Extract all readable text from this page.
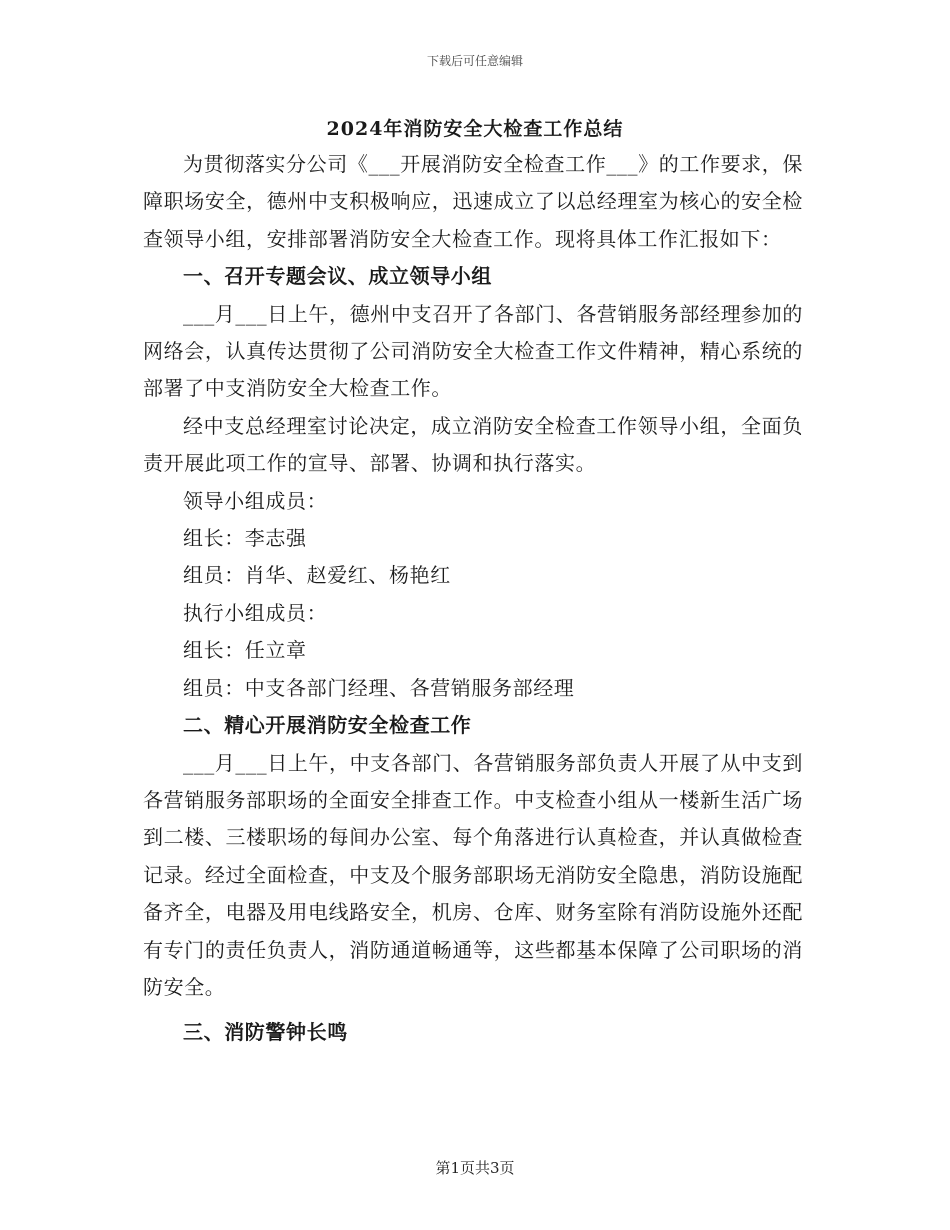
下载后可任意编辑
2024年消防安全大检查工作总结

为贯彻落实分公司《___开展消防安全检查工作___》的工作要求，保障职场安全，德州中支积极响应，迅速成立了以总经理室为核心的安全检查领导小组，安排部署消防安全大检查工作。现将具体工作汇报如下：

一、召开专题会议、成立领导小组

___月___日上午，德州中支召开了各部门、各营销服务部经理参加的网络会，认真传达贯彻了公司消防安全大检查工作文件精神，精心系统的部署了中支消防安全大检查工作。

经中支总经理室讨论决定，成立消防安全检查工作领导小组，全面负责开展此项工作的宣导、部署、协调和执行落实。

领导小组成员：

组长：李志强

组员：肖华、赵爱红、杨艳红

执行小组成员：

组长：任立章

组员：中支各部门经理、各营销服务部经理

二、精心开展消防安全检查工作

___月___日上午，中支各部门、各营销服务部负责人开展了从中支到各营销服务部职场的全面安全排查工作。中支检查小组从一楼新生活广场到二楼、三楼职场的每间办公室、每个角落进行认真检查，并认真做检查记录。经过全面检查，中支及个服务部职场无消防安全隐患，消防设施配备齐全，电器及用电线路安全，机房、仓库、财务室除有消防设施外还配有专门的责任负责人，消防通道畅通等，这些都基本保障了公司职场的消防安全。

三、消防警钟长鸣

第1页共3页
